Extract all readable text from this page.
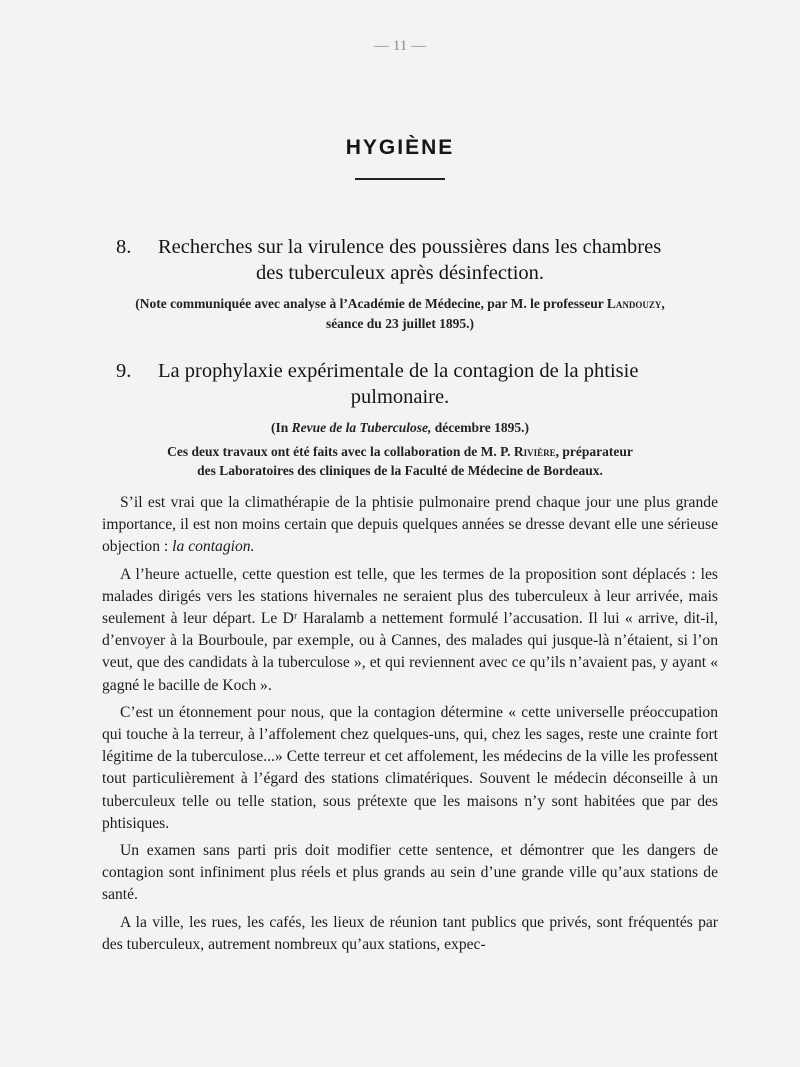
— 11 —
HYGIÈNE
8. Recherches sur la virulence des poussières dans les chambres
des tuberculeux après désinfection.
(Note communiquée avec analyse à l’Académie de Médecine, par M. le professeur Landouzy,
séance du 23 juillet 1895.)
9. La prophylaxie expérimentale de la contagion de la phtisie
pulmonaire.
(In Revue de la Tuberculose, décembre 1895.)
Ces deux travaux ont été faits avec la collaboration de M. P. Rivière, préparateur
des Laboratoires des cliniques de la Faculté de Médecine de Bordeaux.

S’il est vrai que la climathérapie de la phtisie pulmonaire prend chaque jour une plus grande importance, il est non moins certain que depuis quelques années se dresse devant elle une sérieuse objection : la contagion.

A l’heure actuelle, cette question est telle, que les termes de la proposition sont déplacés : les malades dirigés vers les stations hivernales ne seraient plus des tuberculeux à leur arrivée, mais seulement à leur départ. Le Dʳ Haralamb a nettement formulé l’accusation. Il lui « arrive, dit-il, d’envoyer à la Bourboule, par exemple, ou à Cannes, des malades qui jusque-là n’étaient, si l’on veut, que des candidats à la tuberculose », et qui reviennent avec ce qu’ils n’avaient pas, y ayant « gagné le bacille de Koch ».

C’est un étonnement pour nous, que la contagion détermine « cette universelle préoccupation qui touche à la terreur, à l’affolement chez quelques-uns, qui, chez les sages, reste une crainte fort légitime de la tuberculose...» Cette terreur et cet affolement, les médecins de la ville les professent tout particulièrement à l’égard des stations climatériques. Souvent le médecin déconseille à un tuberculeux telle ou telle station, sous prétexte que les maisons n’y sont habitées que par des phtisiques.

Un examen sans parti pris doit modifier cette sentence, et démontrer que les dangers de contagion sont infiniment plus réels et plus grands au sein d’une grande ville qu’aux stations de santé.

A la ville, les rues, les cafés, les lieux de réunion tant publics que privés, sont fréquentés par des tuberculeux, autrement nombreux qu’aux stations, expec-
